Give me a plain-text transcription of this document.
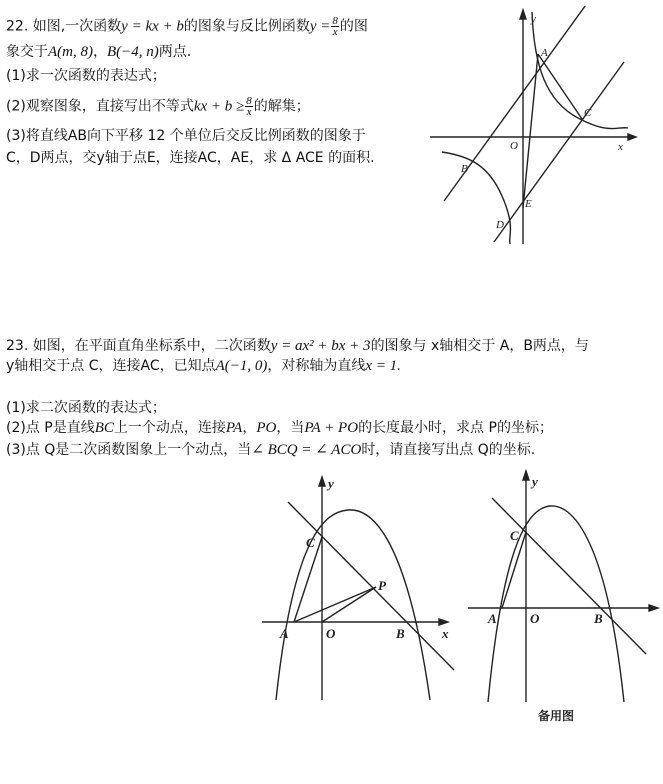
22. 如图,一次函数y = kx + b的图象与反比例函数$y = \frac{8}{x}$ 的图
象交于A(m, 8)，B(−4, n)两点.
(1)求一次函数的表达式；
(2)观察图象，直接写出不等式kx + $b \ge \frac{8}{x}$ 的解集；
(3)将直线AB向下平移 12 个单位后交反比例函数的图象于
C，D两点，交y轴于点E，连接AC，AE，求 Δ ACE 的面积.
y
x
O
A
B
C
D
E
23. 如图，在平面直角坐标系中，二次函数y = ax² + bx + 3的图象与 x轴相交于 A，B两点，与
y轴相交于点 C，连接AC，已知点A(−1, 0)，对称轴为直线x = 1.
(1)求二次函数的表达式；
(2)点 P是直线BC上一个动点，连接PA，PO，当PA + PO的长度最小时，求点 P的坐标；
(3)点 Q是二次函数图象上一个动点，当∠ BCQ = ∠ ACO时，请直接写出点 Q的坐标.
y
x
O
A	B
C
P
y
O
A	B
C
备用图
